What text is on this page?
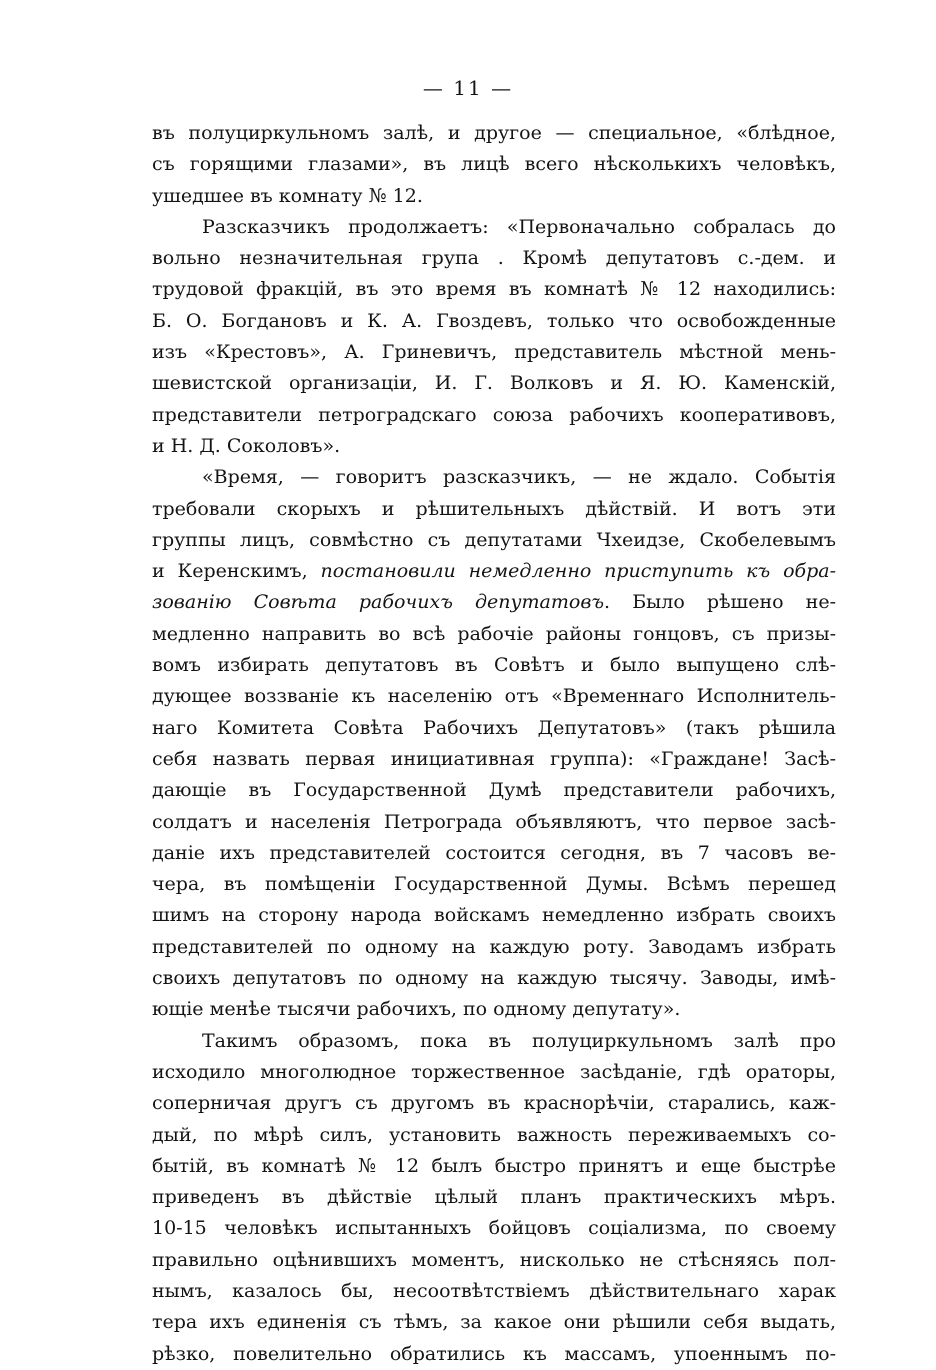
— 11 —
въ полуциркульномъ залѣ, и другое — специальное, «блѣдное,
съ горящими глазами», въ лицѣ всего нѣсколькихъ человѣкъ,
ушедшее въ комнату № 12.
Разсказчикъ продолжаетъ: «Первоначально собралась до
вольно незначительная група . Кромѣ депутатовъ с.-дем. и
трудовой фракцій, въ это время въ комнатѣ № 12 находились:
Б. О. Богдановъ и К. А. Гвоздевъ, только что освобожденные
изъ «Крестовъ», А. Гриневичъ, представитель мѣстной мень-
шевистской организаціи, И. Г. Волковъ и Я. Ю. Каменскій,
представители петроградскаго союза рабочихъ кооперативовъ,
и Н. Д. Соколовъ».
«Время, — говоритъ разсказчикъ, — не ждало. Событія
требовали скорыхъ и рѣшительныхъ дѣйствій. И вотъ эти
группы лицъ, совмѣстно съ депутатами Чхеидзе, Скобелевымъ
и Керенскимъ, постановили немедленно приступить къ обра-
зованію Совѣта рабочихъ депутатовъ. Было рѣшено не-
медленно направить во всѣ рабочіе районы гонцовъ, съ призы-
вомъ избирать депутатовъ въ Совѣтъ и было выпущено слѣ-
дующее воззваніе къ населенію отъ «Временнаго Исполнитель-
наго Комитета Совѣта Рабочихъ Депутатовъ» (такъ рѣшила
себя назвать первая инициативная группа): «Граждане! Засѣ-
дающіе въ Государственной Думѣ представители рабочихъ,
солдатъ и населенія Петрограда объявляютъ, что первое засѣ-
даніе ихъ представителей состоится сегодня, въ 7 часовъ ве-
чера, въ помѣщеніи Государственной Думы. Всѣмъ перешед
шимъ на сторону народа войскамъ немедленно избрать своихъ
представителей по одному на каждую роту. Заводамъ избрать
своихъ депутатовъ по одному на каждую тысячу. Заводы, имѣ-
ющіе менѣе тысячи рабочихъ, по одному депутату».
Такимъ образомъ, пока въ полуциркульномъ залѣ про
исходило многолюдное торжественное засѣданіе, гдѣ ораторы,
соперничая другъ съ другомъ въ краснорѣчіи, старались, каж-
дый, по мѣрѣ силъ, установить важность переживаемыхъ со-
бытій, въ комнатѣ № 12 былъ быстро принятъ и еще быстрѣе
приведенъ въ дѣйствіе цѣлый планъ практическихъ мѣръ.
10-15 человѣкъ испытанныхъ бойцовъ соціализма, по своему
правильно оцѣнившихъ моментъ, нисколько не стѣсняясь пол-
нымъ, казалось бы, несоотвѣтствіемъ дѣйствительнаго харак
тера ихъ единенія съ тѣмъ, за какое они рѣшили себя выдать,
рѣзко, повелительно обратились къ массамъ, упоеннымъ по-
